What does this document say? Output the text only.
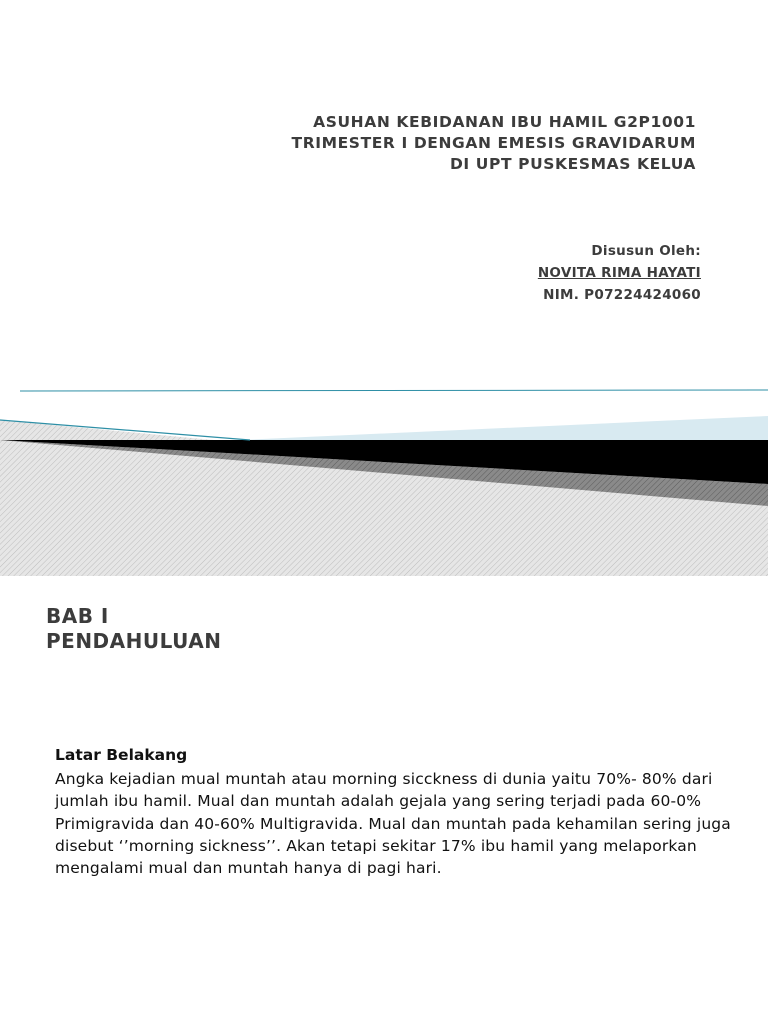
ASUHAN KEBIDANAN IBU HAMIL G2P1001
TRIMESTER I DENGAN EMESIS GRAVIDARUM
DI UPT PUSKESMAS KELUA
Disusun Oleh:
NOVITA RIMA HAYATI
NIM. P07224424060
BAB I
PENDAHULUAN
Latar Belakang

Angka kejadian mual muntah atau morning sicckness di dunia yaitu 70%- 80% dari jumlah ibu hamil. Mual dan muntah adalah gejala yang sering terjadi pada 60-0% Primigravida dan 40-60% Multigravida. Mual dan muntah pada kehamilan sering juga disebut ‘’morning sickness’’. Akan tetapi sekitar 17% ibu hamil yang melaporkan mengalami mual dan muntah hanya di pagi hari.
